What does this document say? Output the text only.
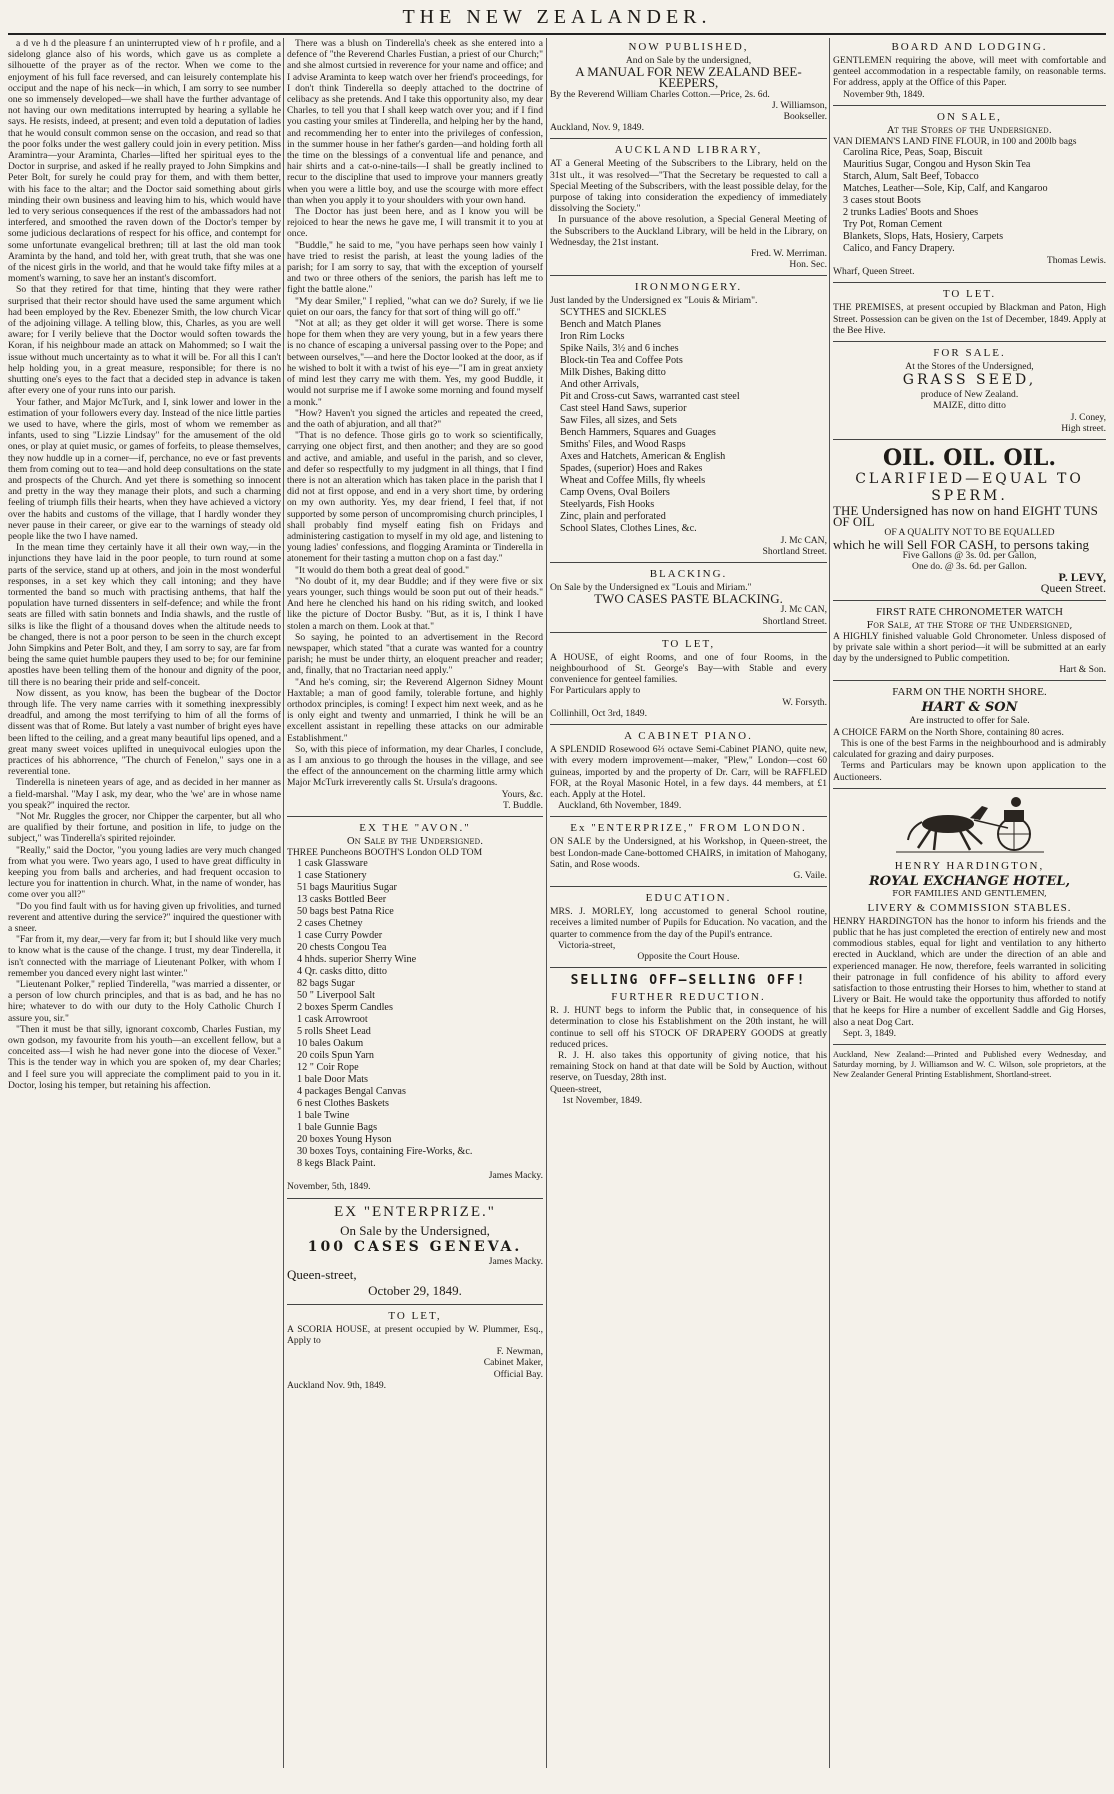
THE NEW ZEALANDER.

a d ve h d the pleasure f an uninterrupted view of h r profile, and a sidelong glance also of his words, which gave us as complete a silhouette of the prayer as of the rector. When we come to the enjoyment of his full face reversed, and can leisurely contemplate his occiput and the nape of his neck—in which, I am sorry to see number one so immensely developed—we shall have the further advantage of not having our own meditations interrupted by hearing a syllable he says. He resists, indeed, at present; and even told a deputation of ladies that he would consult common sense on the occasion, and read so that the poor folks under the west gallery could join in every petition. Miss Aramintra—your Araminta, Charles—lifted her spiritual eyes to the Doctor in surprise, and asked if he really prayed to John Simpkins and Peter Bolt, for surely he could pray for them, and with them better, with his face to the altar; and the Doctor said something about girls minding their own business and leaving him to his, which would have led to very serious consequences if the rest of the ambassadors had not interfered, and smoothed the raven down of the Doctor's temper by some judicious declarations of respect for his office, and contempt for some unfortunate evangelical brethren; till at last the old man took Araminta by the hand, and told her, with great truth, that she was one of the nicest girls in the world, and that he would take fifty miles at a moment's warning, to save her an instant's discomfort.

So that they retired for that time, hinting that they were rather surprised that their rector should have used the same argument which had been employed by the Rev. Ebenezer Smith, the low church Vicar of the adjoining village. A telling blow, this, Charles, as you are well aware; for I verily believe that the Doctor would soften towards the Koran, if his neighbour made an attack on Mahommed; so I wait the issue without much uncertainty as to what it will be. For all this I can't help holding you, in a great measure, responsible; for there is no shutting one's eyes to the fact that a decided step in advance is taken after every one of your runs into our parish.

Your father, and Major McTurk, and I, sink lower and lower in the estimation of your followers every day. Instead of the nice little parties we used to have, where the girls, most of whom we remember as infants, used to sing "Lizzie Lindsay" for the amusement of the old ones, or play at quiet music, or games of forfeits, to please themselves, they now huddle up in a corner—if, perchance, no eve or fast prevents them from coming out to tea—and hold deep consultations on the state and prospects of the Church. And yet there is something so innocent and pretty in the way they manage their plots, and such a charming feeling of triumph fills their hearts, when they have achieved a victory over the habits and customs of the village, that I hardly wonder they never pause in their career, or give ear to the warnings of steady old people like the two I have named.

In the mean time they certainly have it all their own way,—in the injunctions they have laid in the poor people, to turn round at some parts of the service, stand up at others, and join in the most wonderful responses, in a set key which they call intoning; and they have tormented the band so much with practising anthems, that half the population have turned dissenters in self-defence; and while the front seats are filled with satin bonnets and India shawls, and the rustle of silks is like the flight of a thousand doves when the altitude needs to be changed, there is not a poor person to be seen in the church except John Simpkins and Peter Bolt, and they, I am sorry to say, are far from being the same quiet humble paupers they used to be; for our feminine apostles have been telling them of the honour and dignity of the poor, till there is no bearing their pride and self-conceit.

Now dissent, as you know, has been the bugbear of the Doctor through life. The very name carries with it something inexpressibly dreadful, and among the most terrifying to him of all the forms of dissent was that of Rome. But lately a vast number of bright eyes have been lifted to the ceiling, and a great many beautiful lips opened, and a great many sweet voices uplifted in unequivocal eulogies upon the practices of his abhorrence, "The church of Fenelon," says one in a reverential tone.

Tinderella is nineteen years of age, and as decided in her manner as a field-marshal. "May I ask, my dear, who the 'we' are in whose name you speak?" inquired the rector.

"Not Mr. Ruggles the grocer, nor Chipper the carpenter, but all who are qualified by their fortune, and position in life, to judge on the subject," was Tinderella's spirited rejoinder.

"Really," said the Doctor, "you young ladies are very much changed from what you were. Two years ago, I used to have great difficulty in keeping you from balls and archeries, and had frequent occasion to lecture you for inattention in church. What, in the name of wonder, has come over you all?"

"Do you find fault with us for having given up frivolities, and turned reverent and attentive during the service?" inquired the questioner with a sneer.

"Far from it, my dear,—very far from it; but I should like very much to know what is the cause of the change. I trust, my dear Tinderella, it isn't connected with the marriage of Lieutenant Polker, with whom I remember you danced every night last winter."

"Lieutenant Polker," replied Tinderella, "was married a dissenter, or a person of low church principles, and that is as bad, and he has no hire; whatever to do with our duty to the Holy Catholic Church I assure you, sir."

"Then it must be that silly, ignorant coxcomb, Charles Fustian, my own godson, my favourite from his youth—an excellent fellow, but a conceited ass—I wish he had never gone into the diocese of Vexer." This is the tender way in which you are spoken of, my dear Charles; and I feel sure you will appreciate the compliment paid to you in it. Doctor, losing his temper, but retaining his affection.

There was a blush on Tinderella's cheek as she entered into a defence of "the Reverend Charles Fustian, a priest of our Church;" and she almost curtsied in reverence for your name and office; and I advise Araminta to keep watch over her friend's proceedings, for I don't think Tinderella so deeply attached to the doctrine of celibacy as she pretends. And I take this opportunity also, my dear Charles, to tell you that I shall keep watch over you; and if I find you casting your smiles at Tinderella, and helping her by the hand, and recommending her to enter into the privileges of confession, in the summer house in her father's garden—and holding forth all the time on the blessings of a conventual life and penance, and hair shirts and a cat-o-nine-tails—I shall be greatly inclined to recur to the discipline that used to improve your manners greatly when you were a little boy, and use the scourge with more effect than when you apply it to your shoulders with your own hand.

The Doctor has just been here, and as I know you will be rejoiced to hear the news he gave me, I will transmit it to you at once.

"Buddle," he said to me, "you have perhaps seen how vainly I have tried to resist the parish, at least the young ladies of the parish; for I am sorry to say, that with the exception of yourself and two or three others of the seniors, the parish has left me to fight the battle alone."

"My dear Smiler," I replied, "what can we do? Surely, if we lie quiet on our oars, the fancy for that sort of thing will go off."

"Not at all; as they get older it will get worse. There is some hope for them when they are very young, but in a few years there is no chance of escaping a universal passing over to the Pope; and between ourselves,"—and here the Doctor looked at the door, as if he wished to bolt it with a twist of his eye—"I am in great anxiety of mind lest they carry me with them. Yes, my good Buddle, it would not surprise me if I awoke some morning and found myself a monk."

"How? Haven't you signed the articles and repeated the creed, and the oath of abjuration, and all that?"

"That is no defence. Those girls go to work so scientifically, carrying one object first, and then another; and they are so good and active, and amiable, and useful in the parish, and so clever, and defer so respectfully to my judgment in all things, that I find there is not an alteration which has taken place in the parish that I did not at first oppose, and end in a very short time, by ordering on my own authority. Yes, my dear friend, I feel that, if not supported by some person of uncompromising church principles, I shall probably find myself eating fish on Fridays and administering castigation to myself in my old age, and listening to young ladies' confessions, and flogging Araminta or Tinderella in atonement for their tasting a mutton chop on a fast day."

"It would do them both a great deal of good."

"No doubt of it, my dear Buddle; and if they were five or six years younger, such things would be soon put out of their heads." And here he clenched his hand on his riding switch, and looked like the picture of Doctor Busby. "But, as it is, I think I have stolen a march on them. Look at that."

So saying, he pointed to an advertisement in the Record newspaper, which stated "that a curate was wanted for a country parish; he must be under thirty, an eloquent preacher and reader; and, finally, that no Tractarian need apply."

"And he's coming, sir; the Reverend Algernon Sidney Mount Haxtable; a man of good family, tolerable fortune, and highly orthodox principles, is coming! I expect him next week, and as he is only eight and twenty and unmarried, I think he will be an excellent assistant in repelling these attacks on our admirable Establishment."

So, with this piece of information, my dear Charles, I conclude, as I am anxious to go through the houses in the village, and see the effect of the announcement on the charming little army which Major McTurk irreverently calls St. Ursula's dragoons.

Yours, &c.

T. Buddle.

EX THE "AVON."
On Sale by the Undersigned.

THREE Puncheons BOOTH'S London OLD TOM

1 cask Glassware
1 case Stationery
51 bags Mauritius Sugar
13 casks Bottled Beer
50 bags best Patna Rice
2 cases Chetney
1 case Curry Powder
20 chests Congou Tea
4 hhds. superior Sherry Wine
4 Qr. casks ditto, ditto
82 bags Sugar
50 " Liverpool Salt
2 boxes Sperm Candles
1 cask Arrowroot
5 rolls Sheet Lead
10 bales Oakum
20 coils Spun Yarn
12 " Coir Rope
1 bale Door Mats
4 packages Bengal Canvas
6 nest Clothes Baskets
1 bale Twine
1 bale Gunnie Bags
20 boxes Young Hyson
30 boxes Toys, containing Fire-Works, &c.
8 kegs Black Paint.

James Macky.

November, 5th, 1849.

EX "ENTERPRIZE."
On Sale by the Undersigned,
100 CASES GENEVA.

James Macky.

Queen-street,
October 29, 1849.
TO LET,

A SCORIA HOUSE, at present occupied by W. Plummer, Esq., Apply to

F. Newman,

Cabinet Maker,

Official Bay.

Auckland Nov. 9th, 1849.

NOW PUBLISHED,

And on Sale by the undersigned,

A MANUAL FOR NEW ZEALAND BEE-KEEPERS,

By the Reverend William Charles Cotton.—Price, 2s. 6d.

J. Williamson,

Bookseller.

Auckland, Nov. 9, 1849.

AUCKLAND LIBRARY,

AT a General Meeting of the Subscribers to the Library, held on the 31st ult., it was resolved—"That the Secretary be requested to call a Special Meeting of the Subscribers, with the least possible delay, for the purpose of taking into consideration the expediency of immediately dissolving the Society."

In pursuance of the above resolution, a Special General Meeting of the Subscribers to the Auckland Library, will be held in the Library, on Wednesday, the 21st instant.

Fred. W. Merriman.

Hon. Sec.

IRONMONGERY.

Just landed by the Undersigned ex "Louis & Miriam".

SCYTHES and SICKLES
Bench and Match Planes
Iron Rim Locks
Spike Nails, 3½ and 6 inches
Block-tin Tea and Coffee Pots
Milk Dishes, Baking ditto
And other Arrivals,
Pit and Cross-cut Saws, warranted cast steel
Cast steel Hand Saws, superior
Saw Files, all sizes, and Sets
Bench Hammers, Squares and Guages
Smiths' Files, and Wood Rasps
Axes and Hatchets, American & English
Spades, (superior) Hoes and Rakes
Wheat and Coffee Mills, fly wheels
Camp Ovens, Oval Boilers
Steelyards, Fish Hooks
Zinc, plain and perforated
School Slates, Clothes Lines, &c.

J. Mc CAN,

Shortland Street.

BLACKING.

On Sale by the Undersigned ex "Louis and Miriam."

TWO CASES PASTE BLACKING.

J. Mc CAN,

Shortland Street.

TO LET,

A HOUSE, of eight Rooms, and one of four Rooms, in the neighbourhood of St. George's Bay—with Stable and every convenience for genteel families.

For Particulars apply to

W. Forsyth.

Collinhill, Oct 3rd, 1849.

A CABINET PIANO.

A SPLENDID Rosewood 6⅔ octave Semi-Cabinet PIANO, quite new, with every modern improvement—maker, "Plew," London—cost 60 guineas, imported by and the property of Dr. Carr, will be RAFFLED FOR, at the Royal Masonic Hotel, in a few days. 44 members, at £1 each. Apply at the Hotel.

Auckland, 6th November, 1849.

Ex "ENTERPRIZE," FROM LONDON.

ON SALE by the Undersigned, at his Workshop, in Queen-street, the best London-made Cane-bottomed CHAIRS, in imitation of Mahogany, Satin, and Rose woods.

G. Vaile.

EDUCATION.

MRS. J. MORLEY, long accustomed to general School routine, receives a limited number of Pupils for Education. No vacation, and the quarter to commence from the day of the Pupil's entrance.

Victoria-street,

Opposite the Court House.

SELLING OFF—SELLING OFF!
FURTHER REDUCTION.

R. J. HUNT begs to inform the Public that, in consequence of his determination to close his Establishment on the 20th instant, he will continue to sell off his STOCK OF DRAPERY GOODS at greatly reduced prices.

R. J. H. also takes this opportunity of giving notice, that his remaining Stock on hand at that date will be Sold by Auction, without reserve, on Tuesday, 28th inst.

Queen-street,

1st November, 1849.

BOARD AND LODGING.

GENTLEMEN requiring the above, will meet with comfortable and genteel accommodation in a respectable family, on reasonable terms. For address, apply at the Office of this Paper.

November 9th, 1849.

ON SALE,
At the Stores of the Undersigned.

VAN DIEMAN'S LAND FINE FLOUR, in 100 and 200lb bags

Carolina Rice, Peas, Soap, Biscuit
Mauritius Sugar, Congou and Hyson Skin Tea
Starch, Alum, Salt Beef, Tobacco
Matches, Leather—Sole, Kip, Calf, and Kangaroo
3 cases stout Boots
2 trunks Ladies' Boots and Shoes
Try Pot, Roman Cement
Blankets, Slops, Hats, Hosiery, Carpets
Calico, and Fancy Drapery.

Thomas Lewis.

Wharf, Queen Street.

TO LET.

THE PREMISES, at present occupied by Blackman and Paton, High Street. Possession can be given on the 1st of December, 1849. Apply at the Bee Hive.

FOR SALE.

At the Stores of the Undersigned,

GRASS SEED,

produce of New Zealand.

MAIZE, ditto ditto

J. Coney,

High street.

OIL. OIL. OIL.
CLARIFIED—EQUAL TO
SPERM.

THE Undersigned has now on hand EIGHT TUNS OF OIL

OF A QUALITY NOT TO BE EQUALLED

which he will Sell FOR CASH, to persons taking

Five Gallons @ 3s. 0d. per Gallon,

One do. @ 3s. 6d. per Gallon.

P. LEVY,

Queen Street.

FIRST RATE CHRONOMETER WATCH
For Sale, at the Store of the Undersigned,

A HIGHLY finished valuable Gold Chronometer. Unless disposed of by private sale within a short period—it will be submitted at an early day by the undersigned to Public competition.

Hart & Son.

FARM ON THE NORTH SHORE.
HART & SON

Are instructed to offer for Sale.

A CHOICE FARM on the North Shore, containing 80 acres.

This is one of the best Farms in the neighbourhood and is admirably calculated for grazing and dairy purposes.

Terms and Particulars may be known upon application to the Auctioneers.

HENRY HARDINGTON,
ROYAL EXCHANGE HOTEL,
FOR FAMILIES AND GENTLEMEN,
LIVERY & COMMISSION STABLES.

HENRY HARDINGTON has the honor to inform his friends and the public that he has just completed the erection of entirely new and most commodious stables, equal for light and ventilation to any hitherto erected in Auckland, which are under the direction of an able and experienced manager. He now, therefore, feels warranted in soliciting their patronage in full confidence of his ability to afford every satisfaction to those entrusting their Horses to him, whether to stand at Livery or Bait. He would take the opportunity thus afforded to notify that he keeps for Hire a number of excellent Saddle and Gig Horses, also a neat Dog Cart.

Sept. 3, 1849.

Auckland, New Zealand:—Printed and Published every Wednesday, and Saturday morning, by J. Williamson and W. C. Wilson, sole proprietors, at the New Zealander General Printing Establishment, Shortland-street.
